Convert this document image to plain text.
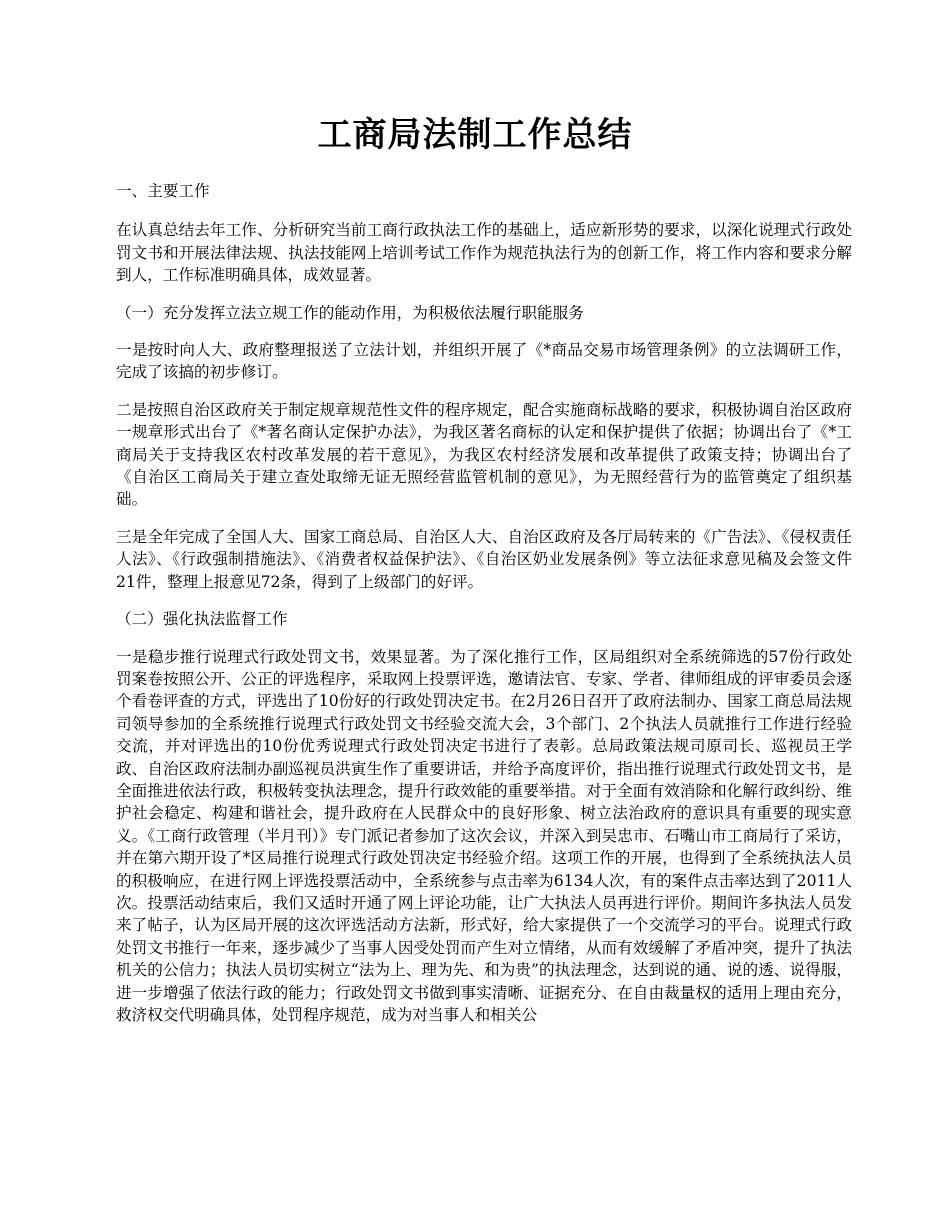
工商局法制工作总结

一、主要工作

在认真总结去年工作、分析研究当前工商行政执法工作的基础上，适应新形势的要求，以深化说理式行政处罚文书和开展法律法规、执法技能网上培训考试工作作为规范执法行为的创新工作，将工作内容和要求分解到人，工作标准明确具体，成效显著。

（一）充分发挥立法立规工作的能动作用，为积极依法履行职能服务

一是按时向人大、政府整理报送了立法计划，并组织开展了《*商品交易市场管理条例》的立法调研工作，完成了该搞的初步修订。

二是按照自治区政府关于制定规章规范性文件的程序规定，配合实施商标战略的要求，积极协调自治区政府一规章形式出台了《*著名商认定保护办法》，为我区著名商标的认定和保护提供了依据；协调出台了《*工商局关于支持我区农村改革发展的若干意见》，为我区农村经济发展和改革提供了政策支持；协调出台了《自治区工商局关于建立查处取缔无证无照经营监管机制的意见》，为无照经营行为的监管奠定了组织基础。

三是全年完成了全国人大、国家工商总局、自治区人大、自治区政府及各厅局转来的《广告法》、《侵权责任人法》、《行政强制措施法》、《消费者权益保护法》、《自治区奶业发展条例》等立法征求意见稿及会签文件21件，整理上报意见72条，得到了上级部门的好评。

（二）强化执法监督工作

一是稳步推行说理式行政处罚文书，效果显著。为了深化推行工作，区局组织对全系统筛选的57份行政处罚案卷按照公开、公正的评选程序，采取网上投票评选，邀请法官、专家、学者、律师组成的评审委员会逐个看卷评查的方式，评选出了10份好的行政处罚决定书。在2月26日召开了政府法制办、国家工商总局法规司领导参加的全系统推行说理式行政处罚文书经验交流大会，3个部门、2个执法人员就推行工作进行经验交流，并对评选出的10份优秀说理式行政处罚决定书进行了表彰。总局政策法规司原司长、巡视员王学政、自治区政府法制办副巡视员洪寅生作了重要讲话，并给予高度评价，指出推行说理式行政处罚文书，是全面推进依法行政，积极转变执法理念，提升行政效能的重要举措。对于全面有效消除和化解行政纠纷、维护社会稳定、构建和谐社会，提升政府在人民群众中的良好形象、树立法治政府的意识具有重要的现实意义。《工商行政管理（半月刊）》专门派记者参加了这次会议，并深入到吴忠市、石嘴山市工商局行了采访，并在第六期开设了*区局推行说理式行政处罚决定书经验介绍。这项工作的开展，也得到了全系统执法人员的积极响应，在进行网上评选投票活动中，全系统参与点击率为6134人次，有的案件点击率达到了2011人次。投票活动结束后，我们又适时开通了网上评论功能，让广大执法人员再进行评价。期间许多执法人员发来了帖子，认为区局开展的这次评选活动方法新，形式好，给大家提供了一个交流学习的平台。说理式行政处罚文书推行一年来，逐步减少了当事人因受处罚而产生对立情绪，从而有效缓解了矛盾冲突，提升了执法机关的公信力；执法人员切实树立“法为上、理为先、和为贵”的执法理念，达到说的通、说的透、说得服，进一步增强了依法行政的能力；行政处罚文书做到事实清晰、证据充分、在自由裁量权的适用上理由充分，救济权交代明确具体，处罚程序规范，成为对当事人和相关公
